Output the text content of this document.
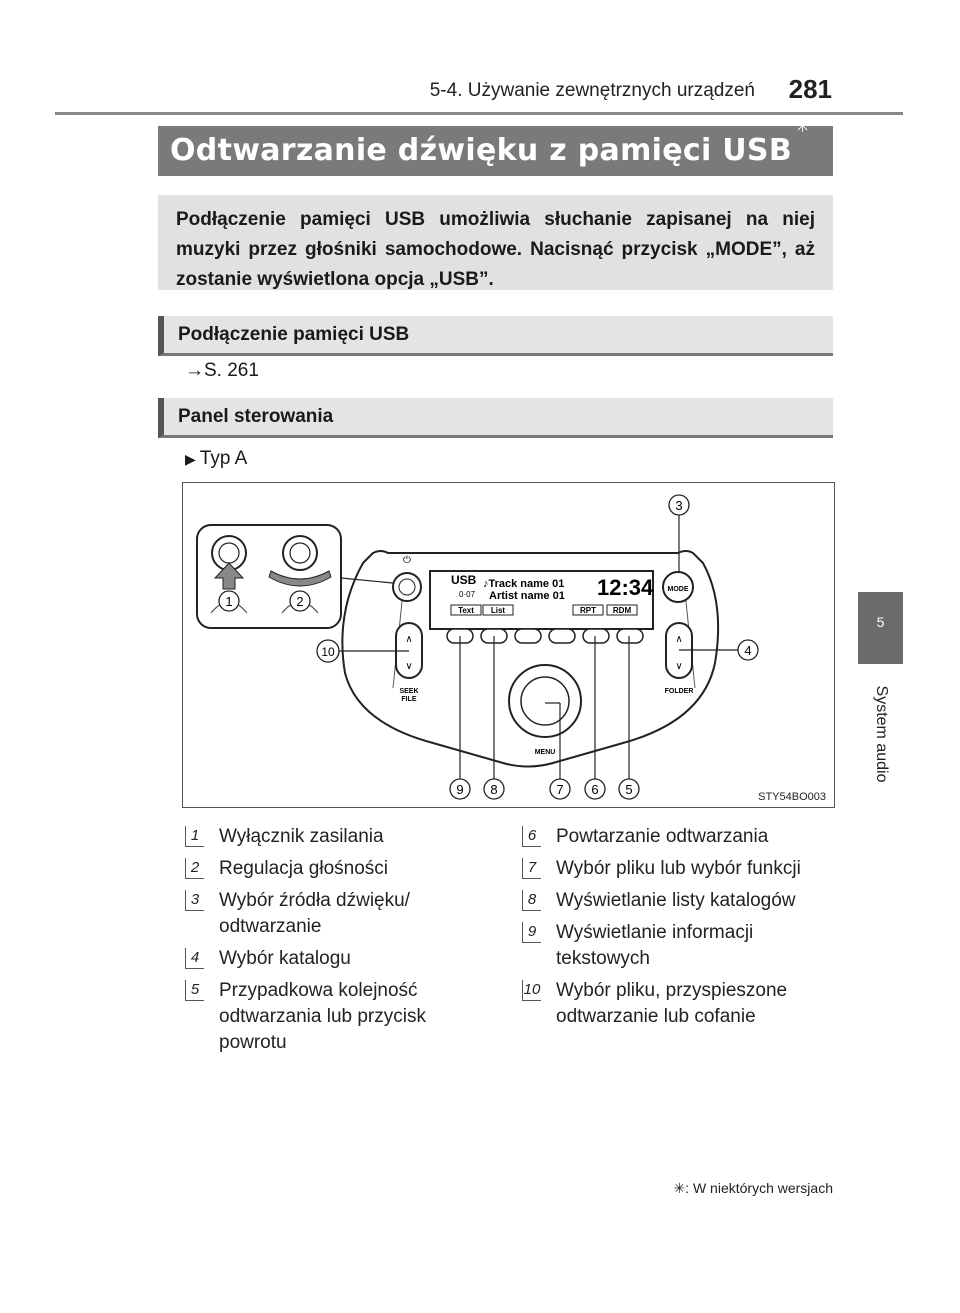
5-4. Używanie zewnętrznych urządzeń 281
5
System audio
Odtwarzanie dźwięku z pamięci USB✳
Podłączenie pamięci USB umożliwia słuchanie zapisanej na niej muzyki przez głośniki samochodowe. Nacisnąć przycisk „MODE”, aż zostanie wyświetlona opcja „USB”.
Podłączenie pamięci USB
→S. 261
Panel sterowania
▶ Typ A
USB ♪Track name 01
Artist name 01
0·07	12:34
Text List	RPT RDM
⏻
MODE
∧
∨
SEEK
FILE
∧
∨
FOLDER
MENU
1	2
3
4
10
9 8	7 6 5	STY54BO003
1 Wyłącznik zasilania
2 Regulacja głośności
3 Wybór źródła dźwięku/ odtwarzanie
4 Wybór katalogu
5 Przypadkowa kolejność odtwarzania lub przycisk powrotu
6 Powtarzanie odtwarzania
7 Wybór pliku lub wybór funkcji
8 Wyświetlanie listy katalogów
9 Wyświetlanie informacji tekstowych
10 Wybór pliku, przyspieszone odtwarzanie lub cofanie
✳: W niektórych wersjach
